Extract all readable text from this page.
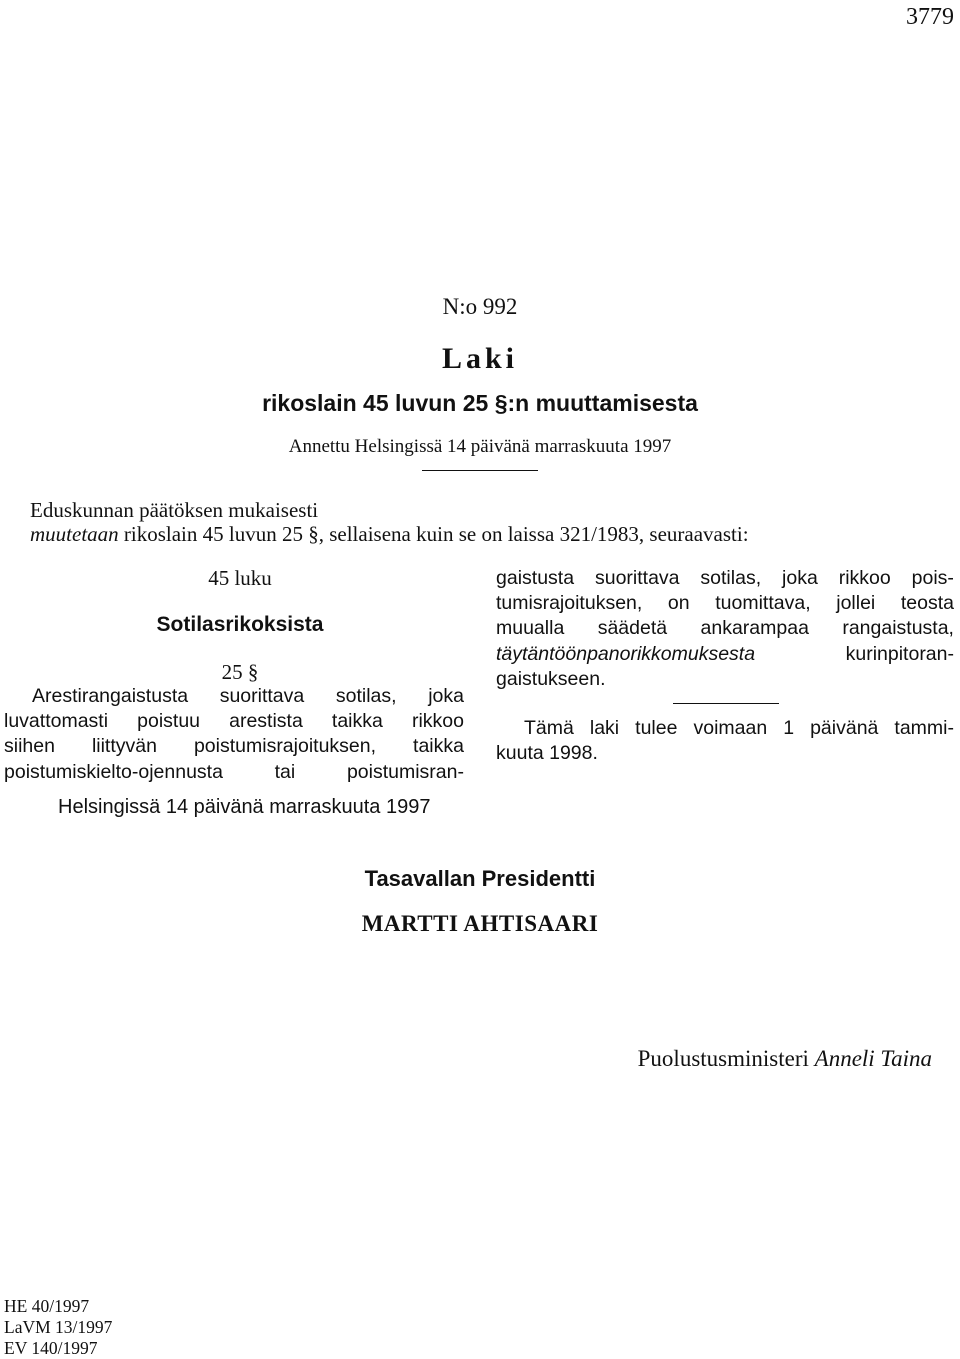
3779
N:o 992
Laki
rikoslain 45 luvun 25 §:n muuttamisesta
Annettu Helsingissä 14 päivänä marraskuuta 1997
Eduskunnan päätöksen mukaisesti
muutetaan rikoslain 45 luvun 25 §, sellaisena kuin se on laissa 321/1983, seuraavasti:
45 luku
Sotilasrikoksista
25 §
Arestirangaistusta suorittava sotilas, joka
luvattomasti poistuu arestista taikka rikkoo
siihen liittyvän poistumisrajoituksen, taikka
poistumiskielto-ojennusta	tai	poistumisran-
gaistusta suorittava sotilas, joka rikkoo pois-
tumisrajoituksen, on tuomittava, jollei teosta
muualla säädetä ankarampaa rangaistusta,
täytäntöönpanorikkomuksesta	kurinpitoran-
gaistukseen.
Tämä laki tulee voimaan 1 päivänä tammi-
kuuta 1998.
Helsingissä 14 päivänä marraskuuta 1997
Tasavallan Presidentti
MARTTI AHTISAARI
Puolustusministeri Anneli Taina
HE 40/1997
LaVM 13/1997
EV 140/1997
